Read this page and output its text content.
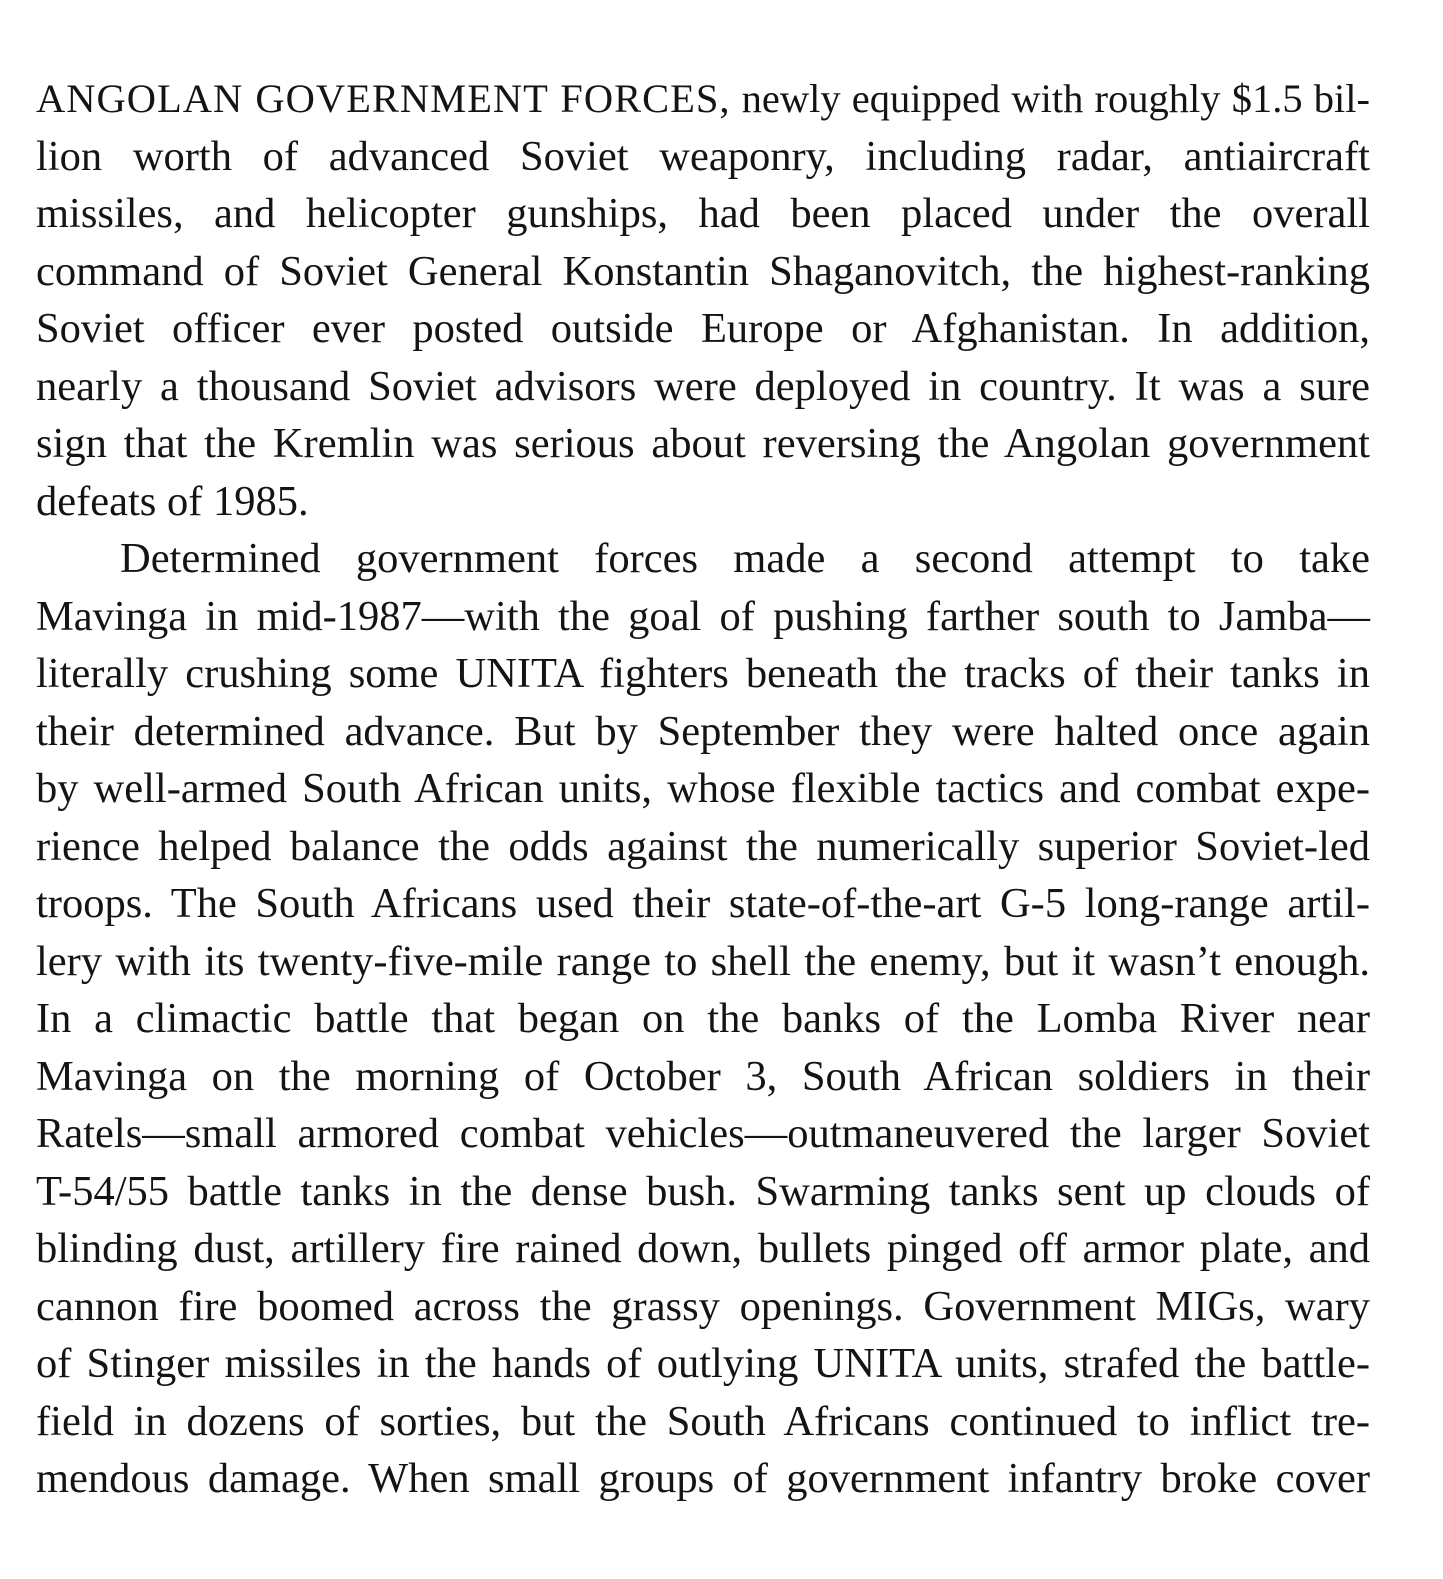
ANGOLAN GOVERNMENT FORCES, newly equipped with roughly $1.5 bil-
lion worth of advanced Soviet weaponry, including radar, antiaircraft
missiles, and helicopter gunships, had been placed under the overall
command of Soviet General Konstantin Shaganovitch, the highest-ranking
Soviet officer ever posted outside Europe or Afghanistan. In addition,
nearly a thousand Soviet advisors were deployed in country. It was a sure
sign that the Kremlin was serious about reversing the Angolan government
defeats of 1985.
Determined government forces made a second attempt to take
Mavinga in mid-1987—with the goal of pushing farther south to Jamba—
literally crushing some UNITA fighters beneath the tracks of their tanks in
their determined advance. But by September they were halted once again
by well-armed South African units, whose flexible tactics and combat expe-
rience helped balance the odds against the numerically superior Soviet-led
troops. The South Africans used their state-of-the-art G-5 long-range artil-
lery with its twenty-five-mile range to shell the enemy, but it wasn’t enough.
In a climactic battle that began on the banks of the Lomba River near
Mavinga on the morning of October 3, South African soldiers in their
Ratels—small armored combat vehicles—outmaneuvered the larger Soviet
T-54/55 battle tanks in the dense bush. Swarming tanks sent up clouds of
blinding dust, artillery fire rained down, bullets pinged off armor plate, and
cannon fire boomed across the grassy openings. Government MIGs, wary
of Stinger missiles in the hands of outlying UNITA units, strafed the battle-
field in dozens of sorties, but the South Africans continued to inflict tre-
mendous damage. When small groups of government infantry broke cover
